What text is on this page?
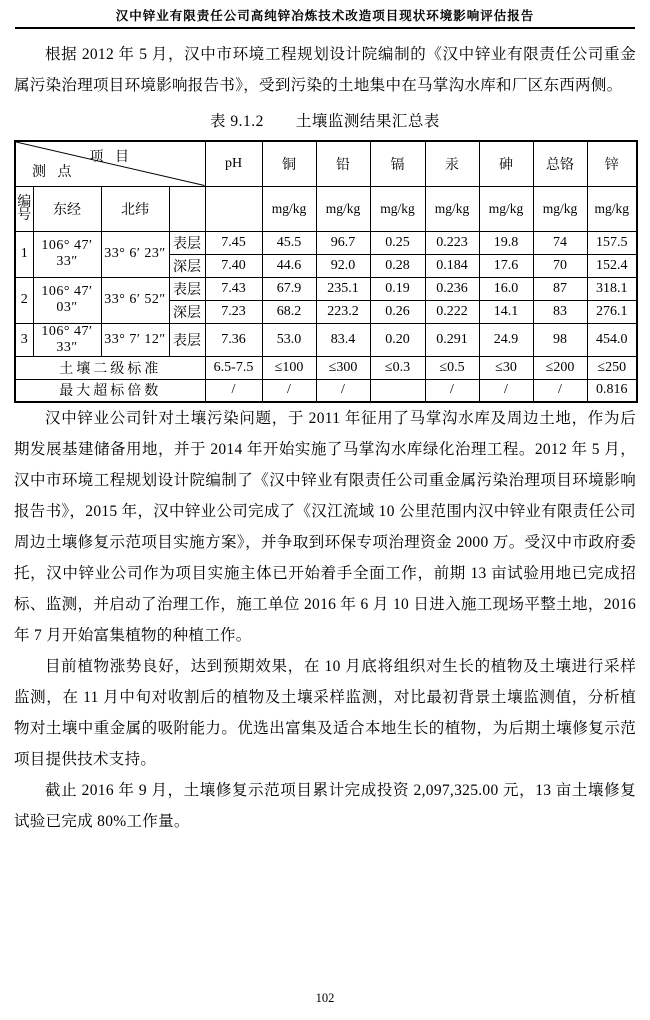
汉中锌业有限责任公司高纯锌冶炼技术改造项目现状环境影响评估报告

根据 2012 年 5 月，汉中市环境工程规划设计院编制的《汉中锌业有限责任公司重金属污染治理项目环境影响报告书》，受到污染的土地集中在马掌沟水库和厂区东西两侧。

表 9.1.2　　土壤监测结果汇总表
项 目
测 点				pH	铜	铅	镉	汞	砷	总铬	锌
编号	东经	北纬			mg/kg	mg/kg	mg/kg	mg/kg	mg/kg	mg/kg	mg/kg
1	106° 47′ 33″	33° 6′ 23″	表层	7.45	45.5	96.7	0.25	0.223	19.8	74	157.5
			深层	7.40	44.6	92.0	0.28	0.184	17.6	70	152.4
2	106° 47′ 03″	33° 6′ 52″	表层	7.43	67.9	235.1	0.19	0.236	16.0	87	318.1
			深层	7.23	68.2	223.2	0.26	0.222	14.1	83	276.1
3	106° 47′ 33″	33° 7′ 12″	表层	7.36	53.0	83.4	0.20	0.291	24.9	98	454.0
土壤二级标准				6.5-7.5	≤100	≤300	≤0.3	≤0.5	≤30	≤200	≤250
最大超标倍数				/	/	/		/	/	/	0.816

汉中锌业公司针对土壤污染问题，于 2011 年征用了马掌沟水库及周边土地，作为后期发展基建储备用地，并于 2014 年开始实施了马掌沟水库绿化治理工程。2012 年 5 月，汉中市环境工程规划设计院编制了《汉中锌业有限责任公司重金属污染治理项目环境影响报告书》，2015 年，汉中锌业公司完成了《汉江流域 10 公里范围内汉中锌业有限责任公司周边土壤修复示范项目实施方案》，并争取到环保专项治理资金 2000 万。受汉中市政府委托，汉中锌业公司作为项目实施主体已开始着手全面工作，前期 13 亩试验用地已完成招标、监测，并启动了治理工作，施工单位 2016 年 6 月 10 日进入施工现场平整土地，2016 年 7 月开始富集植物的种植工作。

目前植物涨势良好，达到预期效果，在 10 月底将组织对生长的植物及土壤进行采样监测，在 11 月中旬对收割后的植物及土壤采样监测，对比最初背景土壤监测值，分析植物对土壤中重金属的吸附能力。优选出富集及适合本地生长的植物，为后期土壤修复示范项目提供技术支持。

截止 2016 年 9 月，土壤修复示范项目累计完成投资 2,097,325.00 元，13 亩土壤修复试验已完成 80%工作量。

102
